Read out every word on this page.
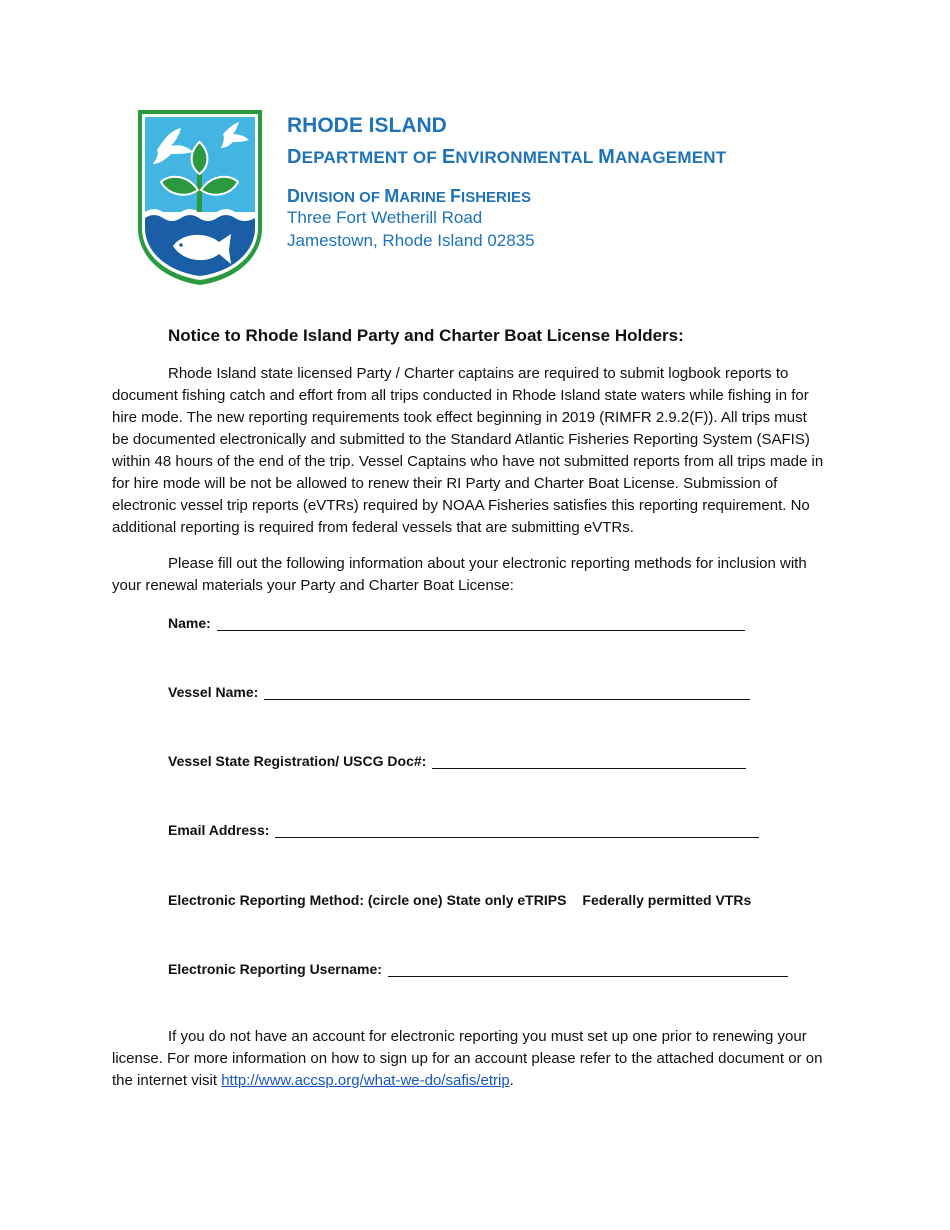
RHODE ISLAND
DEPARTMENT OF ENVIRONMENTAL MANAGEMENT
DIVISION OF MARINE FISHERIES
Three Fort Wetherill Road
Jamestown, Rhode Island 02835
Notice to Rhode Island Party and Charter Boat License Holders:

Rhode Island state licensed Party / Charter captains are required to submit logbook reports to document fishing catch and effort from all trips conducted in Rhode Island state waters while fishing in for hire mode. The new reporting requirements took effect beginning in 2019 (RIMFR 2.9.2(F)). All trips must be documented electronically and submitted to the Standard Atlantic Fisheries Reporting System (SAFIS) within 48 hours of the end of the trip. Vessel Captains who have not submitted reports from all trips made in for hire mode will be not be allowed to renew their RI Party and Charter Boat License. Submission of electronic vessel trip reports (eVTRs) required by NOAA Fisheries satisfies this reporting requirement. No additional reporting is required from federal vessels that are submitting eVTRs.

Please fill out the following information about your electronic reporting methods for inclusion with your renewal materials your Party and Charter Boat License:

Name:
Vessel Name:
Vessel State Registration/ USCG Doc#:
Email Address:
Electronic Reporting Method: (circle one) State only eTRIPS Federally permitted VTRs
Electronic Reporting Username:

If you do not have an account for electronic reporting you must set up one prior to renewing your license. For more information on how to sign up for an account please refer to the attached document or on the internet visit http://www.accsp.org/what-we-do/safis/etrip.
